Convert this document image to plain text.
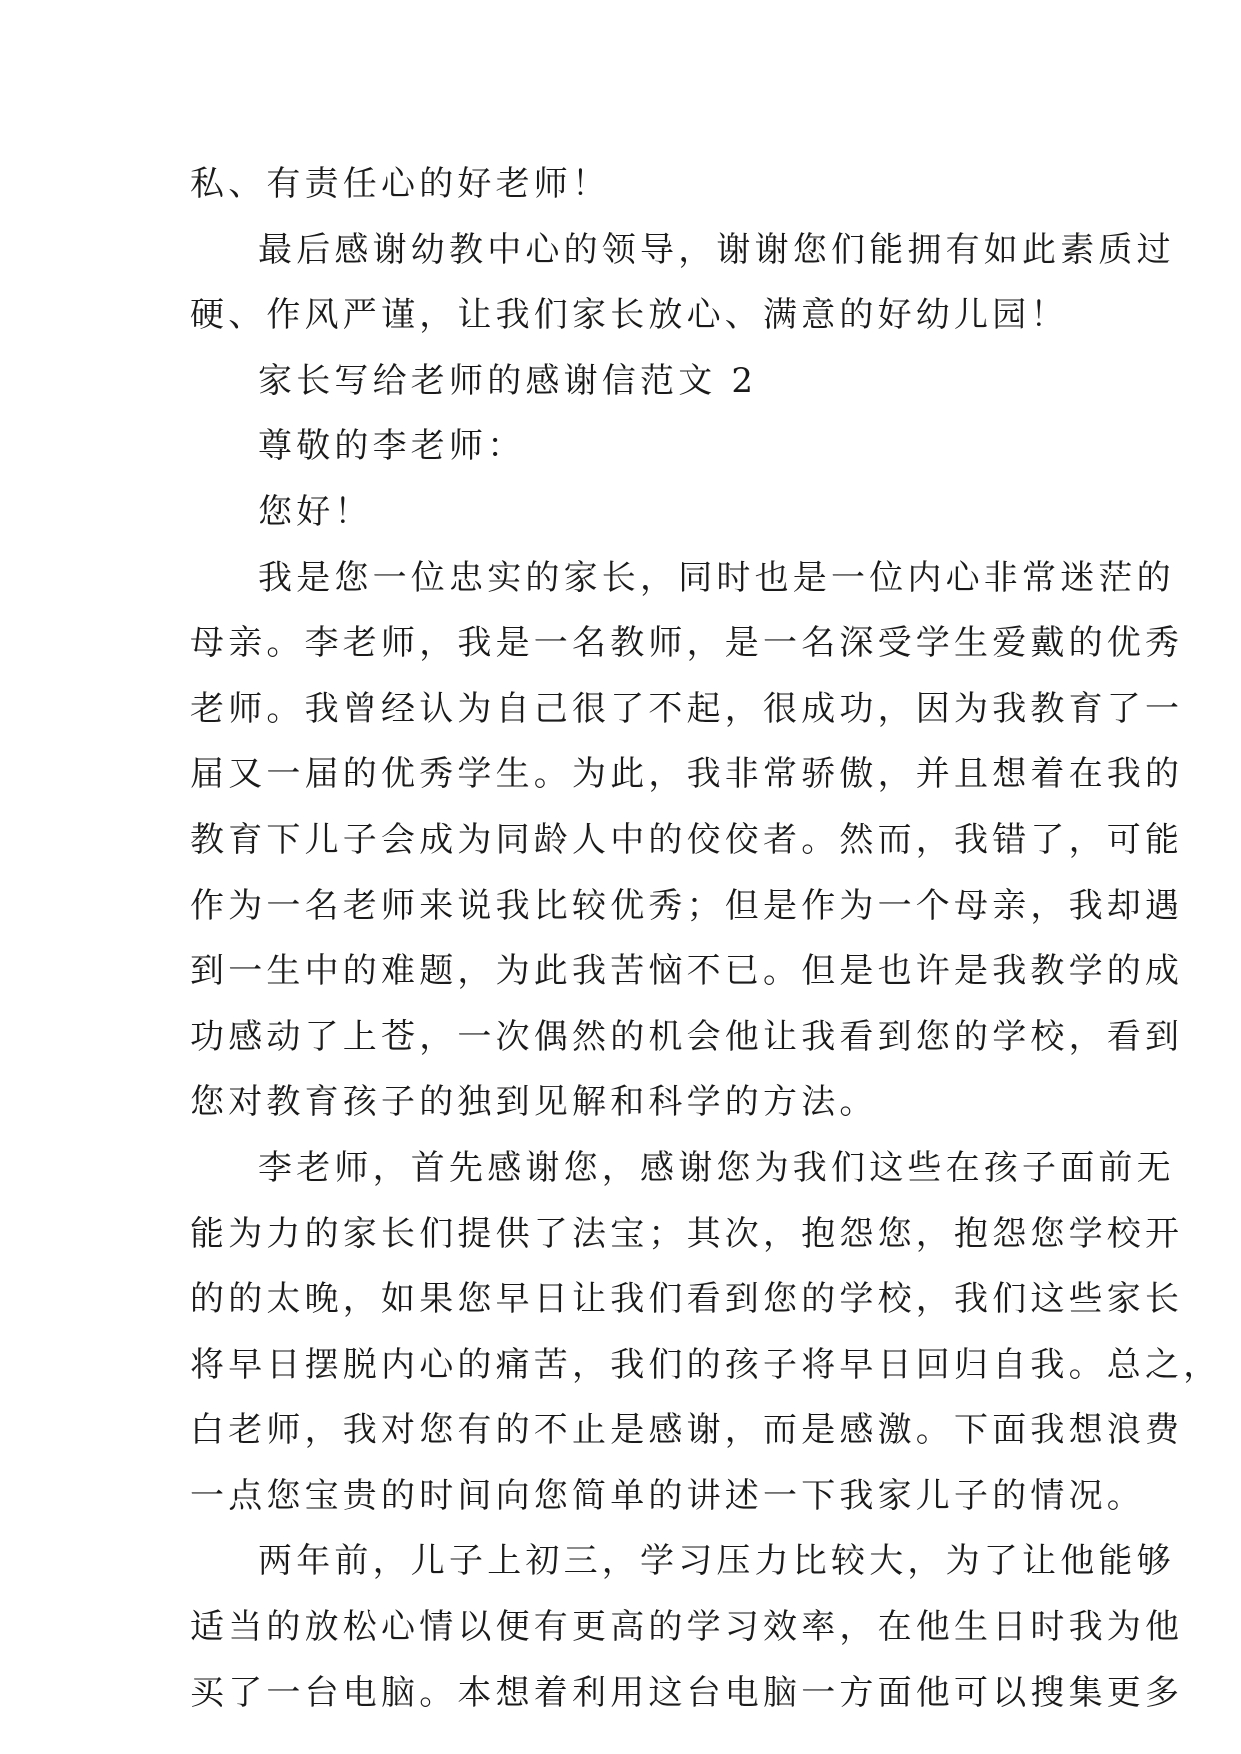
私、有责任心的好老师！
最后感谢幼教中心的领导，谢谢您们能拥有如此素质过
硬、作风严谨，让我们家长放心、满意的好幼儿园！
家长写给老师的感谢信范文 2
尊敬的李老师：
您好！
我是您一位忠实的家长，同时也是一位内心非常迷茫的
母亲。李老师，我是一名教师，是一名深受学生爱戴的优秀
老师。我曾经认为自己很了不起，很成功，因为我教育了一
届又一届的优秀学生。为此，我非常骄傲，并且想着在我的
教育下儿子会成为同龄人中的佼佼者。然而，我错了，可能
作为一名老师来说我比较优秀；但是作为一个母亲，我却遇
到一生中的难题，为此我苦恼不已。但是也许是我教学的成
功感动了上苍，一次偶然的机会他让我看到您的学校，看到
您对教育孩子的独到见解和科学的方法。
李老师，首先感谢您，感谢您为我们这些在孩子面前无
能为力的家长们提供了法宝；其次，抱怨您，抱怨您学校开
的的太晚，如果您早日让我们看到您的学校，我们这些家长
将早日摆脱内心的痛苦，我们的孩子将早日回归自我。总之，
白老师，我对您有的不止是感谢，而是感激。下面我想浪费
一点您宝贵的时间向您简单的讲述一下我家儿子的情况。
两年前，儿子上初三，学习压力比较大，为了让他能够
适当的放松心情以便有更高的学习效率，在他生日时我为他
买了一台电脑。本想着利用这台电脑一方面他可以搜集更多
